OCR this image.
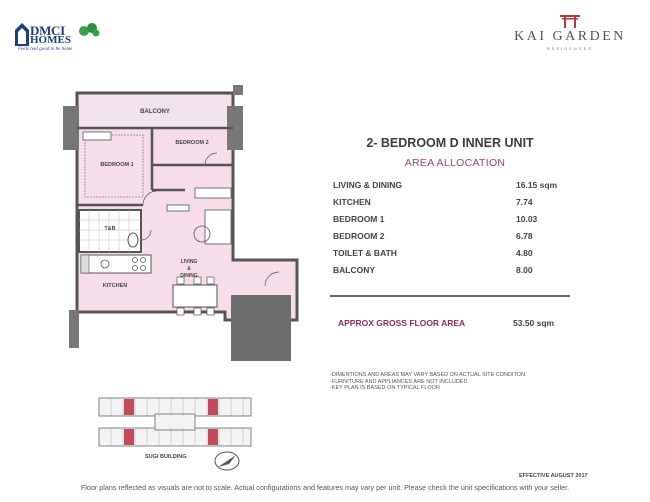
DMCI
HOMES
Feels real good to be home
KAI GARDEN
RESIDENCES
BALCONY
BEDROOM 1
BEDROOM 2
T&B
LIVING
&
DINING
KITCHEN
2- BEDROOM D INNER UNIT
AREA ALLOCATION
LIVING & DINING	16.15 sqm
KITCHEN	7.74
BEDROOM 1	10.03
BEDROOM 2	6.78
TOILET & BATH	4.80
BALCONY	8.00
APPROX GROSS FLOOR AREA	53.50 sqm
-DIMENTIONS AND AREAS MAY VARY BASED ON ACTUAL SITE CONDITON.
-FURNITURE AND APPLIANCES ARE NOT INCLUDED.
-KEY PLAN IS BASED ON TYPICAL FLOOR
SUGI BUILDING
EFFECTIVE AUGUST 2017
Floor plans reflected as visuals are not to scale. Actual configurations and features may vary per unit. Please check the unit specifications with your seller.
